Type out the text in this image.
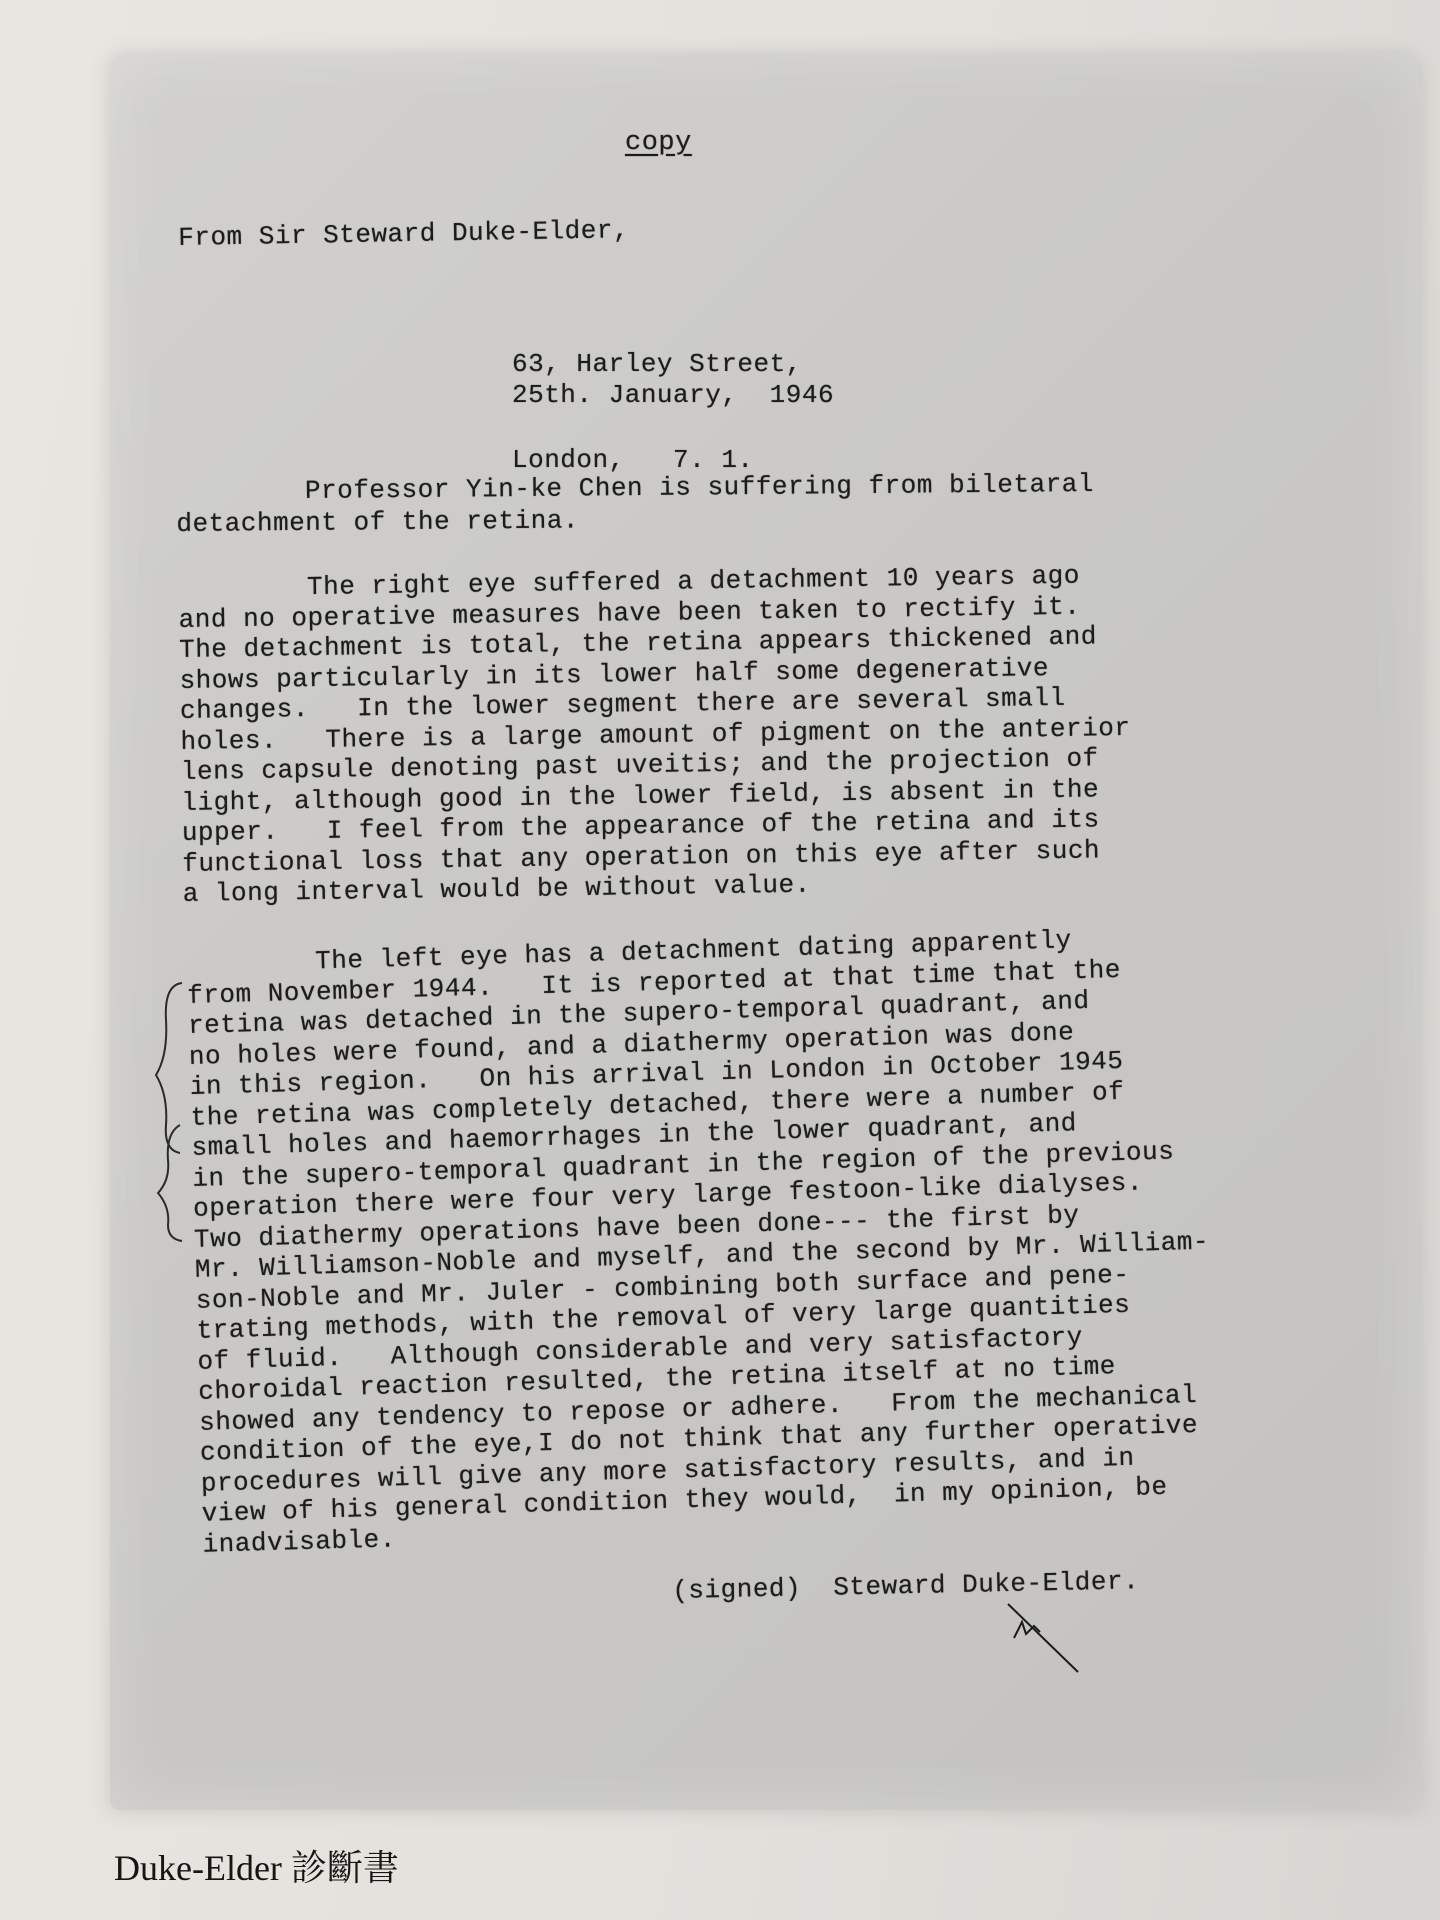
copy

From Sir Steward Duke-Elder,

63, Harley Street,

London,   7. 1.

25th. January,  1946

Professor Yin-ke Chen is suffering from biletaral
detachment of the retina.

The right eye suffered a detachment 10 years ago
and no operative measures have been taken to rectify it.
The detachment is total, the retina appears thickened and
shows particularly in its lower half some degenerative
changes.   In the lower segment there are several small
holes.   There is a large amount of pigment on the anterior
lens capsule denoting past uveitis; and the projection of
light, although good in the lower field, is absent in the
upper.   I feel from the appearance of the retina and its
functional loss that any operation on this eye after such
a long interval would be without value.

The left eye has a detachment dating apparently
from November 1944.   It is reported at that time that the
retina was detached in the supero-temporal quadrant, and
no holes were found, and a diathermy operation was done
in this region.   On his arrival in London in October 1945
the retina was completely detached, there were a number of
small holes and haemorrhages in the lower quadrant, and
in the supero-temporal quadrant in the region of the previous
operation there were four very large festoon-like dialyses.
Two diathermy operations have been done--- the first by
Mr. Williamson-Noble and myself, and the second by Mr. William-
son-Noble and Mr. Juler - combining both surface and pene-
trating methods, with the removal of very large quantities
of fluid.   Although considerable and very satisfactory
choroidal reaction resulted, the retina itself at no time
showed any tendency to repose or adhere.   From the mechanical
condition of the eye,I do not think that any further operative
procedures will give any more satisfactory results, and in
view of his general condition they would,  in my opinion, be
inadvisable.

(signed)  Steward Duke-Elder.

Duke-Elder 診斷書
